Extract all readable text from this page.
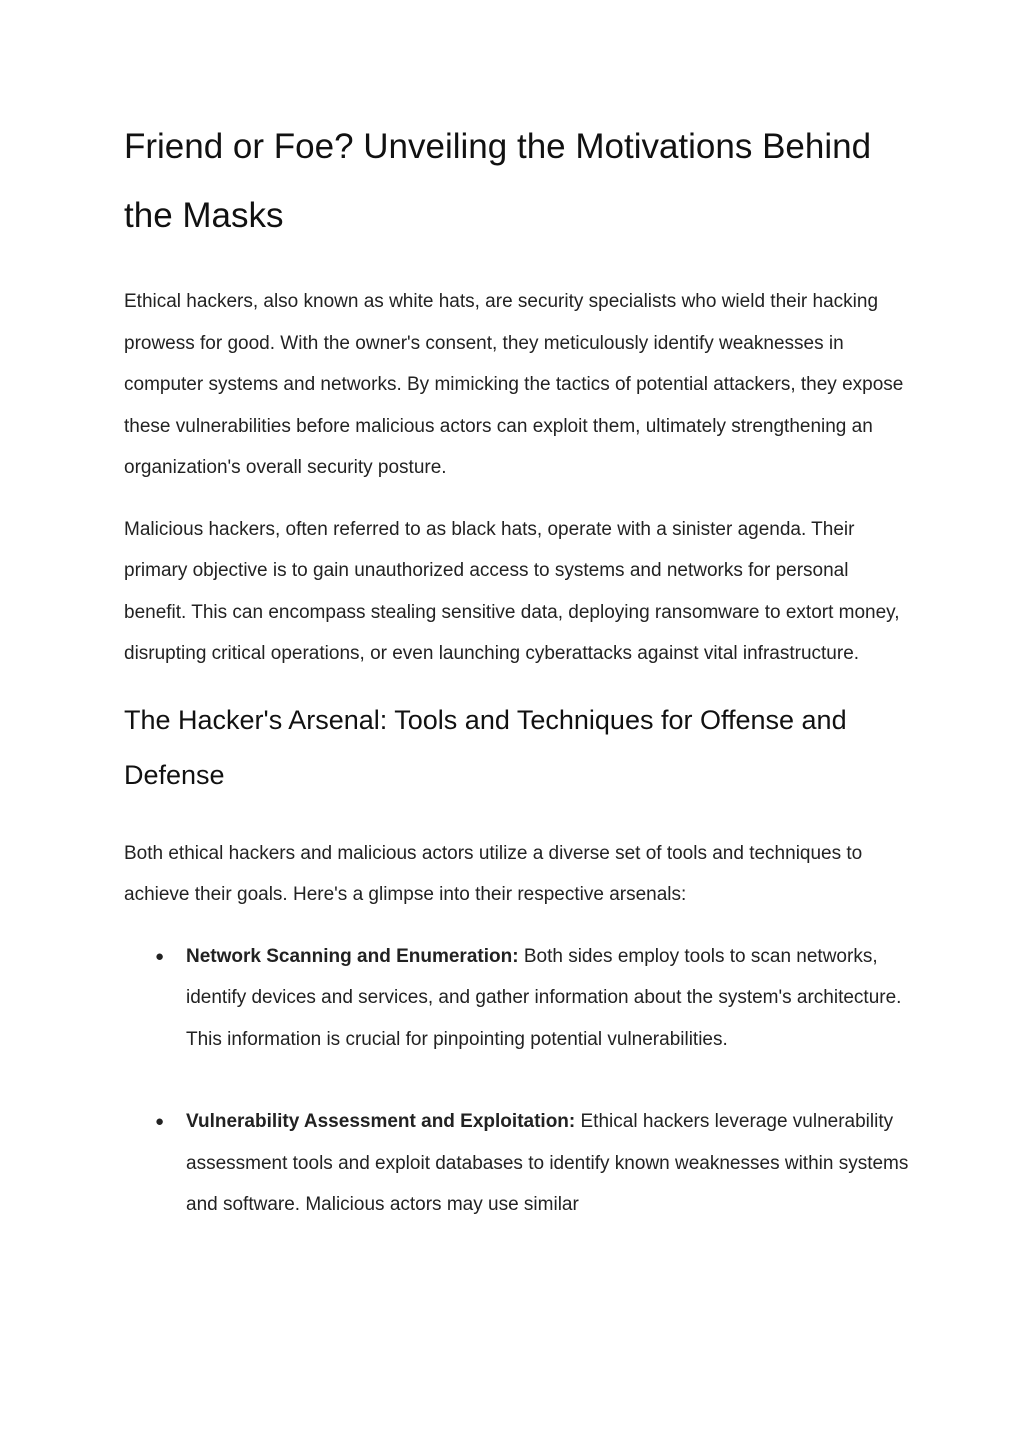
Friend or Foe? Unveiling the Motivations Behind the Masks

Ethical hackers, also known as white hats, are security specialists who wield their hacking prowess for good. With the owner's consent, they meticulously identify weaknesses in computer systems and networks. By mimicking the tactics of potential attackers, they expose these vulnerabilities before malicious actors can exploit them, ultimately strengthening an organization's overall security posture.

Malicious hackers, often referred to as black hats, operate with a sinister agenda. Their primary objective is to gain unauthorized access to systems and networks for personal benefit. This can encompass stealing sensitive data, deploying ransomware to extort money, disrupting critical operations, or even launching cyberattacks against vital infrastructure.

The Hacker's Arsenal: Tools and Techniques for Offense and Defense

Both ethical hackers and malicious actors utilize a diverse set of tools and techniques to achieve their goals. Here's a glimpse into their respective arsenals:

● Network Scanning and Enumeration: Both sides employ tools to scan networks, identify devices and services, and gather information about the system's architecture. This information is crucial for pinpointing potential vulnerabilities.
● Vulnerability Assessment and Exploitation: Ethical hackers leverage vulnerability assessment tools and exploit databases to identify known weaknesses within systems and software. Malicious actors may use similar
